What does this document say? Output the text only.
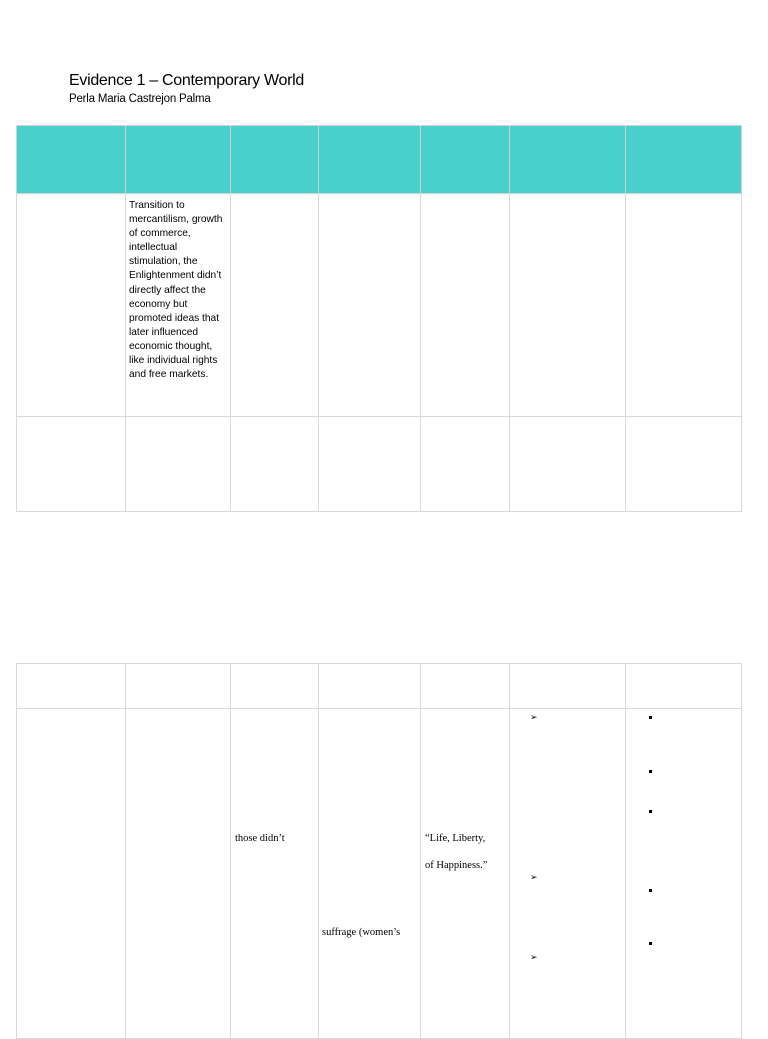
Evidence 1 – Contemporary World
Perla Maria Castrejon Palma

	Transition to mercantilism, growth of commerce, intellectual stimulation, the Enlightenment didn’t directly affect the economy but promoted ideas that later influenced economic thought, like individual rights and free markets.					

		those didn’t	suffrage (women’s	“Life, Liberty,
of Happiness.”	➢
➢
➢	
